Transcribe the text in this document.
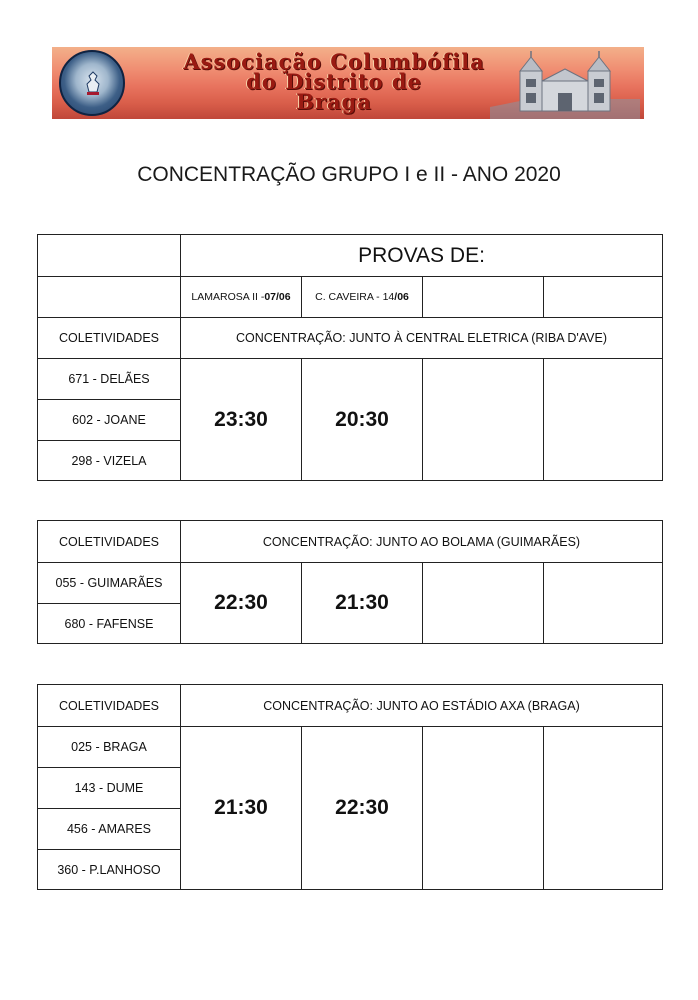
Associação Columbófila
do Distrito de
Braga
CONCENTRAÇÃO GRUPO I e II - ANO 2020
PROVAS DE:
LAMAROSA II - 07/06 C. CAVEIRA - 14 /06
COLETIVIDADES	CONCENTRAÇÃO: JUNTO À CENTRAL ELETRICA (RIBA D'AVE)
671 - DELÃES
602 - JOANE
298 - VIZELA
23:30	20:30
COLETIVIDADES	CONCENTRAÇÃO: JUNTO AO BOLAMA (GUIMARÃES)
055 - GUIMARÃES
680 - FAFENSE
22:30	21:30
COLETIVIDADES	CONCENTRAÇÃO: JUNTO AO ESTÁDIO AXA (BRAGA)
025 - BRAGA
143 - DUME
456 - AMARES
360 - P.LANHOSO
21:30	22:30
